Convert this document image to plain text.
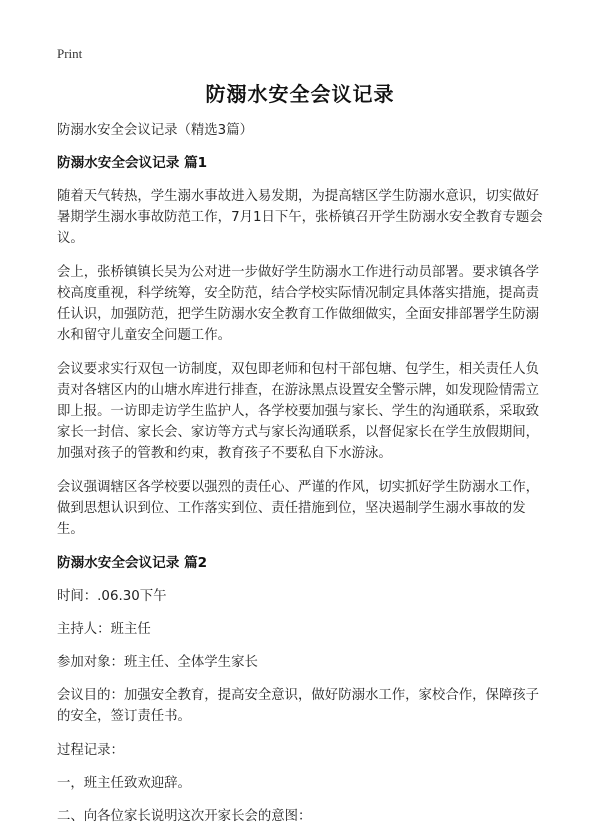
Print
防溺水安全会议记录

防溺水安全会议记录（精选3篇）

防溺水安全会议记录 篇1

随着天气转热，学生溺水事故进入易发期，为提高辖区学生防溺水意识，切实做好暑期学生溺水事故防范工作，7月1日下午，张桥镇召开学生防溺水安全教育专题会议。

会上，张桥镇镇长吴为公对进一步做好学生防溺水工作进行动员部署。要求镇各学校高度重视，科学统筹，安全防范，结合学校实际情况制定具体落实措施，提高责任认识，加强防范，把学生防溺水安全教育工作做细做实，全面安排部署学生防溺水和留守儿童安全问题工作。

会议要求实行双包一访制度，双包即老师和包村干部包塘、包学生，相关责任人负责对各辖区内的山塘水库进行排查，在游泳黑点设置安全警示牌，如发现险情需立即上报。一访即走访学生监护人，各学校要加强与家长、学生的沟通联系，采取致家长一封信、家长会、家访等方式与家长沟通联系，以督促家长在学生放假期间，加强对孩子的管教和约束，教育孩子不要私自下水游泳。

会议强调辖区各学校要以强烈的责任心、严谨的作风，切实抓好学生防溺水工作，做到思想认识到位、工作落实到位、责任措施到位，坚决遏制学生溺水事故的发生。

防溺水安全会议记录 篇2

时间：.06.30下午

主持人：班主任

参加对象：班主任、全体学生家长

会议目的：加强安全教育，提高安全意识，做好防溺水工作，家校合作，保障孩子的安全，签订责任书。

过程记录：

一，班主任致欢迎辞。

二、向各位家长说明这次开家长会的意图：
